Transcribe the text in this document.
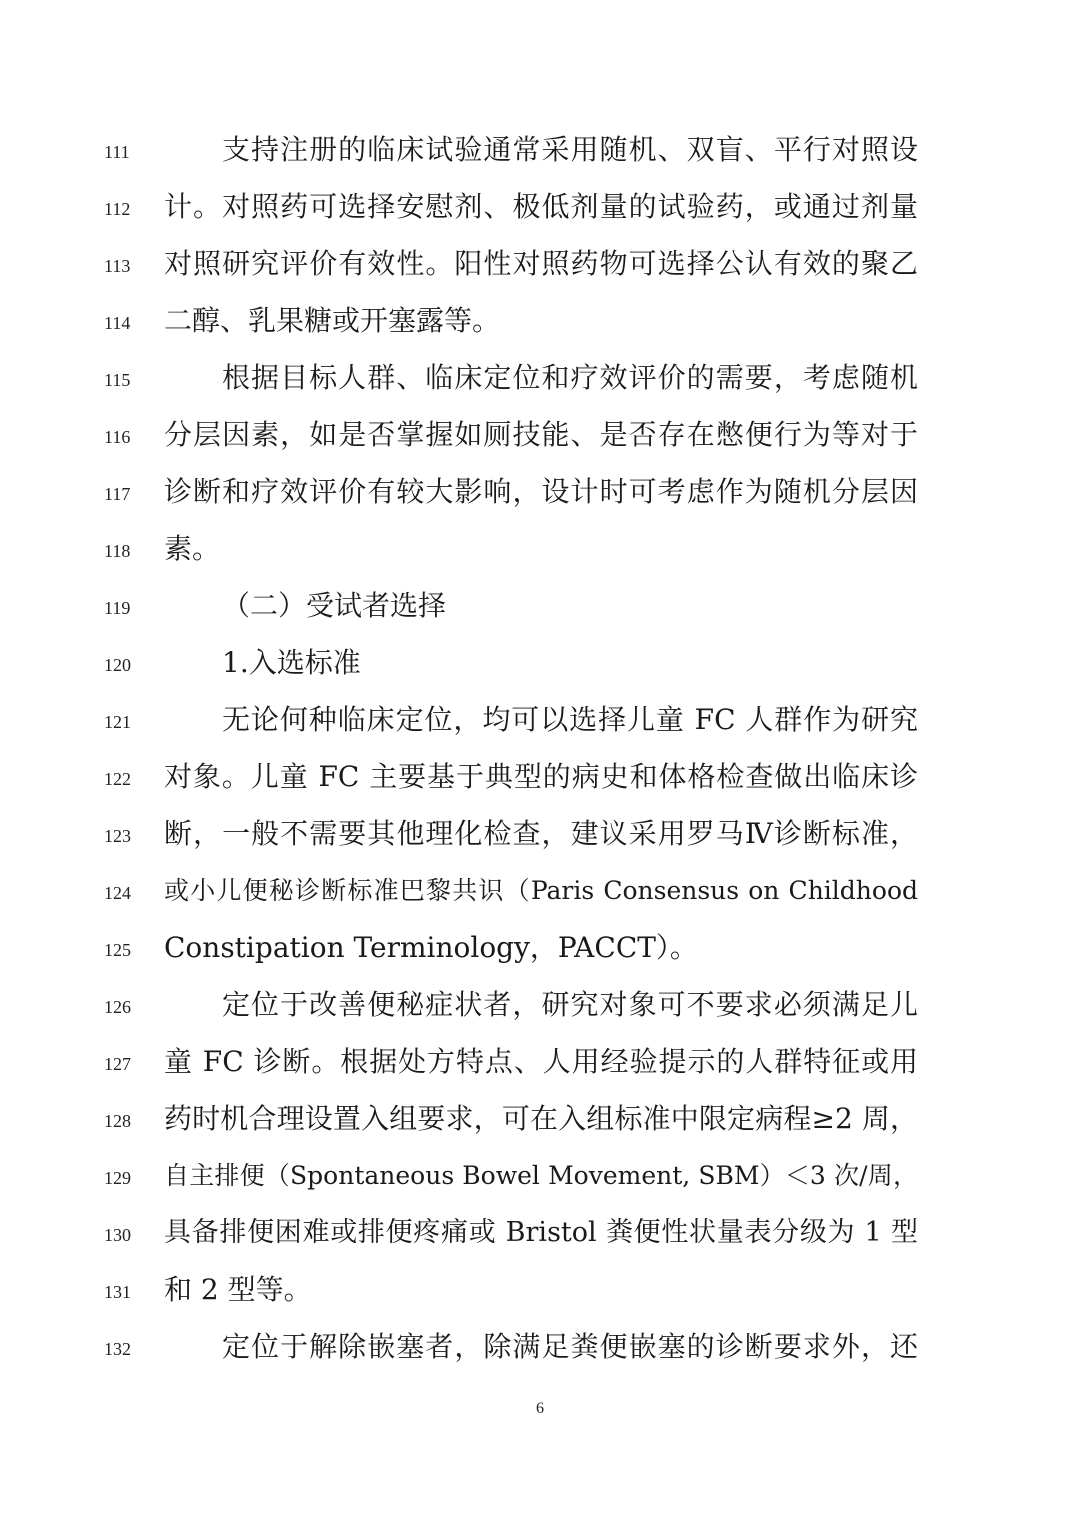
111	支持注册的临床试验通常采用随机、双盲、平行对照设
112	计。对照药可选择安慰剂、极低剂量的试验药，或通过剂量
113	对照研究评价有效性。阳性对照药物可选择公认有效的聚乙
114	二醇、乳果糖或开塞露等。
115	根据目标人群、临床定位和疗效评价的需要，考虑随机
116	分层因素，如是否掌握如厕技能、是否存在憋便行为等对于
117	诊断和疗效评价有较大影响，设计时可考虑作为随机分层因
118	素。
119	（二）受试者选择
120	1.入选标准
121	无论何种临床定位，均可以选择儿童 FC 人群作为研究
122	对象。儿童 FC 主要基于典型的病史和体格检查做出临床诊
123	断，一般不需要其他理化检查，建议采用罗马Ⅳ诊断标准，
124	或小儿便秘诊断标准巴黎共识（Paris Consensus on Childhood
125	Constipation Terminology，PACCT）。
126	定位于改善便秘症状者，研究对象可不要求必须满足儿
127	童 FC 诊断。根据处方特点、人用经验提示的人群特征或用
128	药时机合理设置入组要求，可在入组标准中限定病程≥2 周，
129	自主排便（Spontaneous Bowel Movement, SBM）＜3 次/周，
130	具备排便困难或排便疼痛或 Bristol 粪便性状量表分级为 1 型
131	和 2 型等。
132	定位于解除嵌塞者，除满足粪便嵌塞的诊断要求外，还
6
